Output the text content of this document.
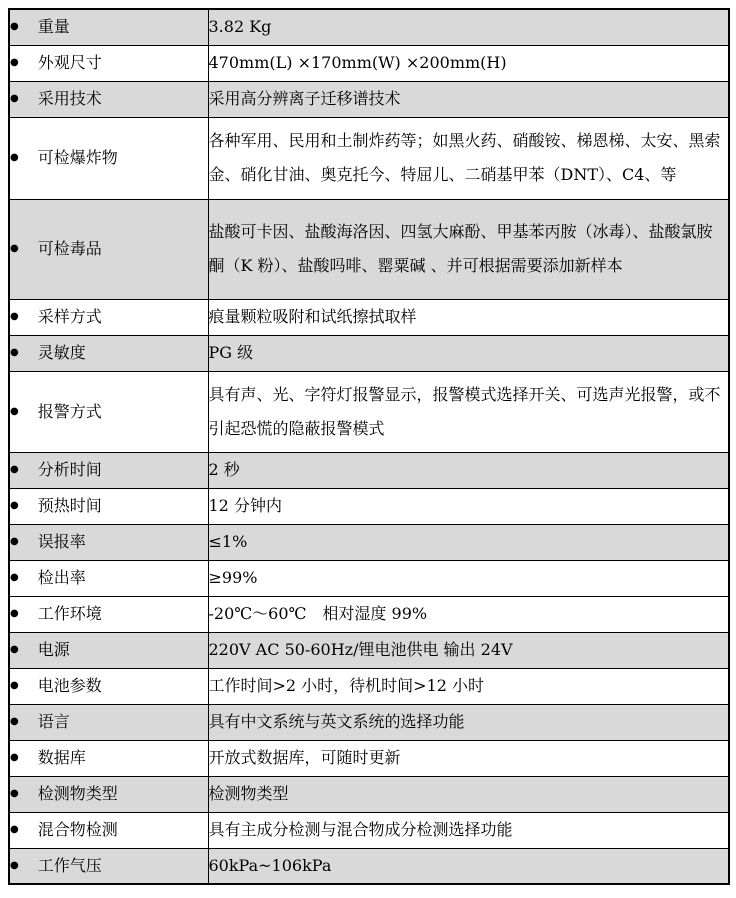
● 重量	3.82 Kg

● 外观尺寸	470mm(L) ×170mm(W) ×200mm(H)

● 采用技术	采用高分辨离子迁移谱技术

● 可检爆炸物	各种军用、民用和土制炸药等；如黑火药、硝酸铵、梯恩梯、太安、黑索金、硝化甘油、奥克托今、特屈儿、二硝基甲苯（DNT）、C4、等

● 可检毒品	盐酸可卡因、盐酸海洛因、四氢大麻酚、甲基苯丙胺（冰毒）、盐酸氯胺酮（K 粉）、盐酸吗啡、罂粟碱 、并可根据需要添加新样本

● 采样方式	痕量颗粒吸附和试纸擦拭取样

● 灵敏度	PG 级

● 报警方式	具有声、光、字符灯报警显示，报警模式选择开关、可选声光报警，或不引起恐慌的隐蔽报警模式

● 分析时间	2 秒

● 预热时间	12 分钟内

● 误报率	≤1%

● 检出率	≥99%

● 工作环境	-20℃～60℃　相对湿度 99%

● 电源	220V AC 50-60Hz/锂电池供电 输出 24V

● 电池参数	工作时间>2 小时，待机时间>12 小时

● 语言	具有中文系统与英文系统的选择功能

● 数据库	开放式数据库，可随时更新

● 检测物类型	检测物类型

● 混合物检测	具有主成分检测与混合物成分检测选择功能

● 工作气压	60kPa~106kPa
